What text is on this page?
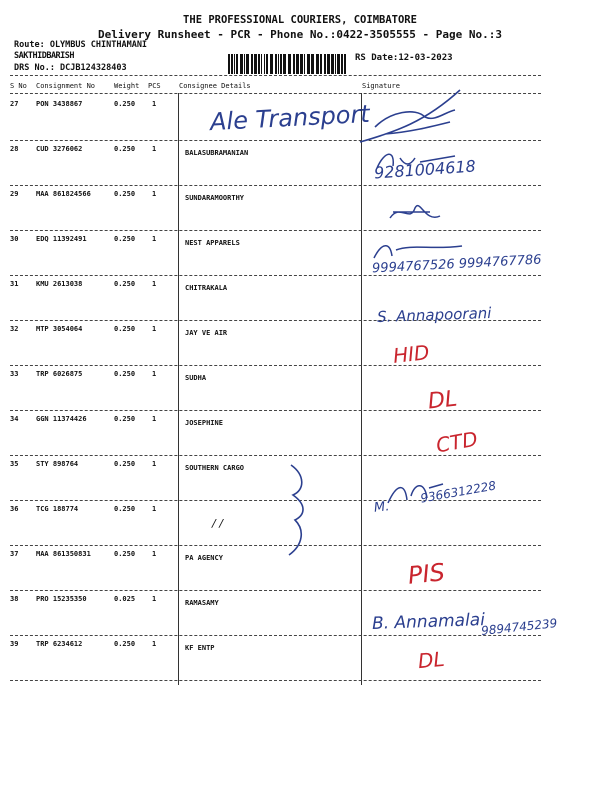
THE PROFESSIONAL COURIERS, COIMBATORE
Delivery Runsheet - PCR - Phone No.:0422-3505555 - Page No.:3
Route: OLYMBUS CHINTHAMANI
SAKTHIDBARISH
DRS No.: DCJB124328403
RS Date:12-03-2023
S No Consignment No	Weight PCS	Consignee Details	Signature
27	PON 3438867	0.250 1
28	CUD 3276062	0.250 1	BALASUBRAMANIAN
29	MAA 861824566	0.250 1	SUNDARAMOORTHY
30	EDQ 11392491	0.250 1	NEST APPARELS
31	KMU 2613038	0.250 1	CHITRAKALA
32	MTP 3054064	0.250 1	JAY VE AIR
33	TRP 6026875	0.250 1	SUDHA
34	GGN 11374426	0.250 1	JOSEPHINE
35	STY 898764	0.250 1	SOUTHERN CARGO
36	TCG 188774	0.250 1
37	MAA 861350831	0.250 1	PA AGENCY
38	PRO 15235350	0.025 1	RAMASAMY
39	TRP 6234612	0.250 1	KF ENTP
Ale Transport
9281004618
9994767526 9994767786
S. Annapoorani
HID
DL
CTD
/ /
M.
9366312228
PIS
B. Annamalai
9894745239
DL
